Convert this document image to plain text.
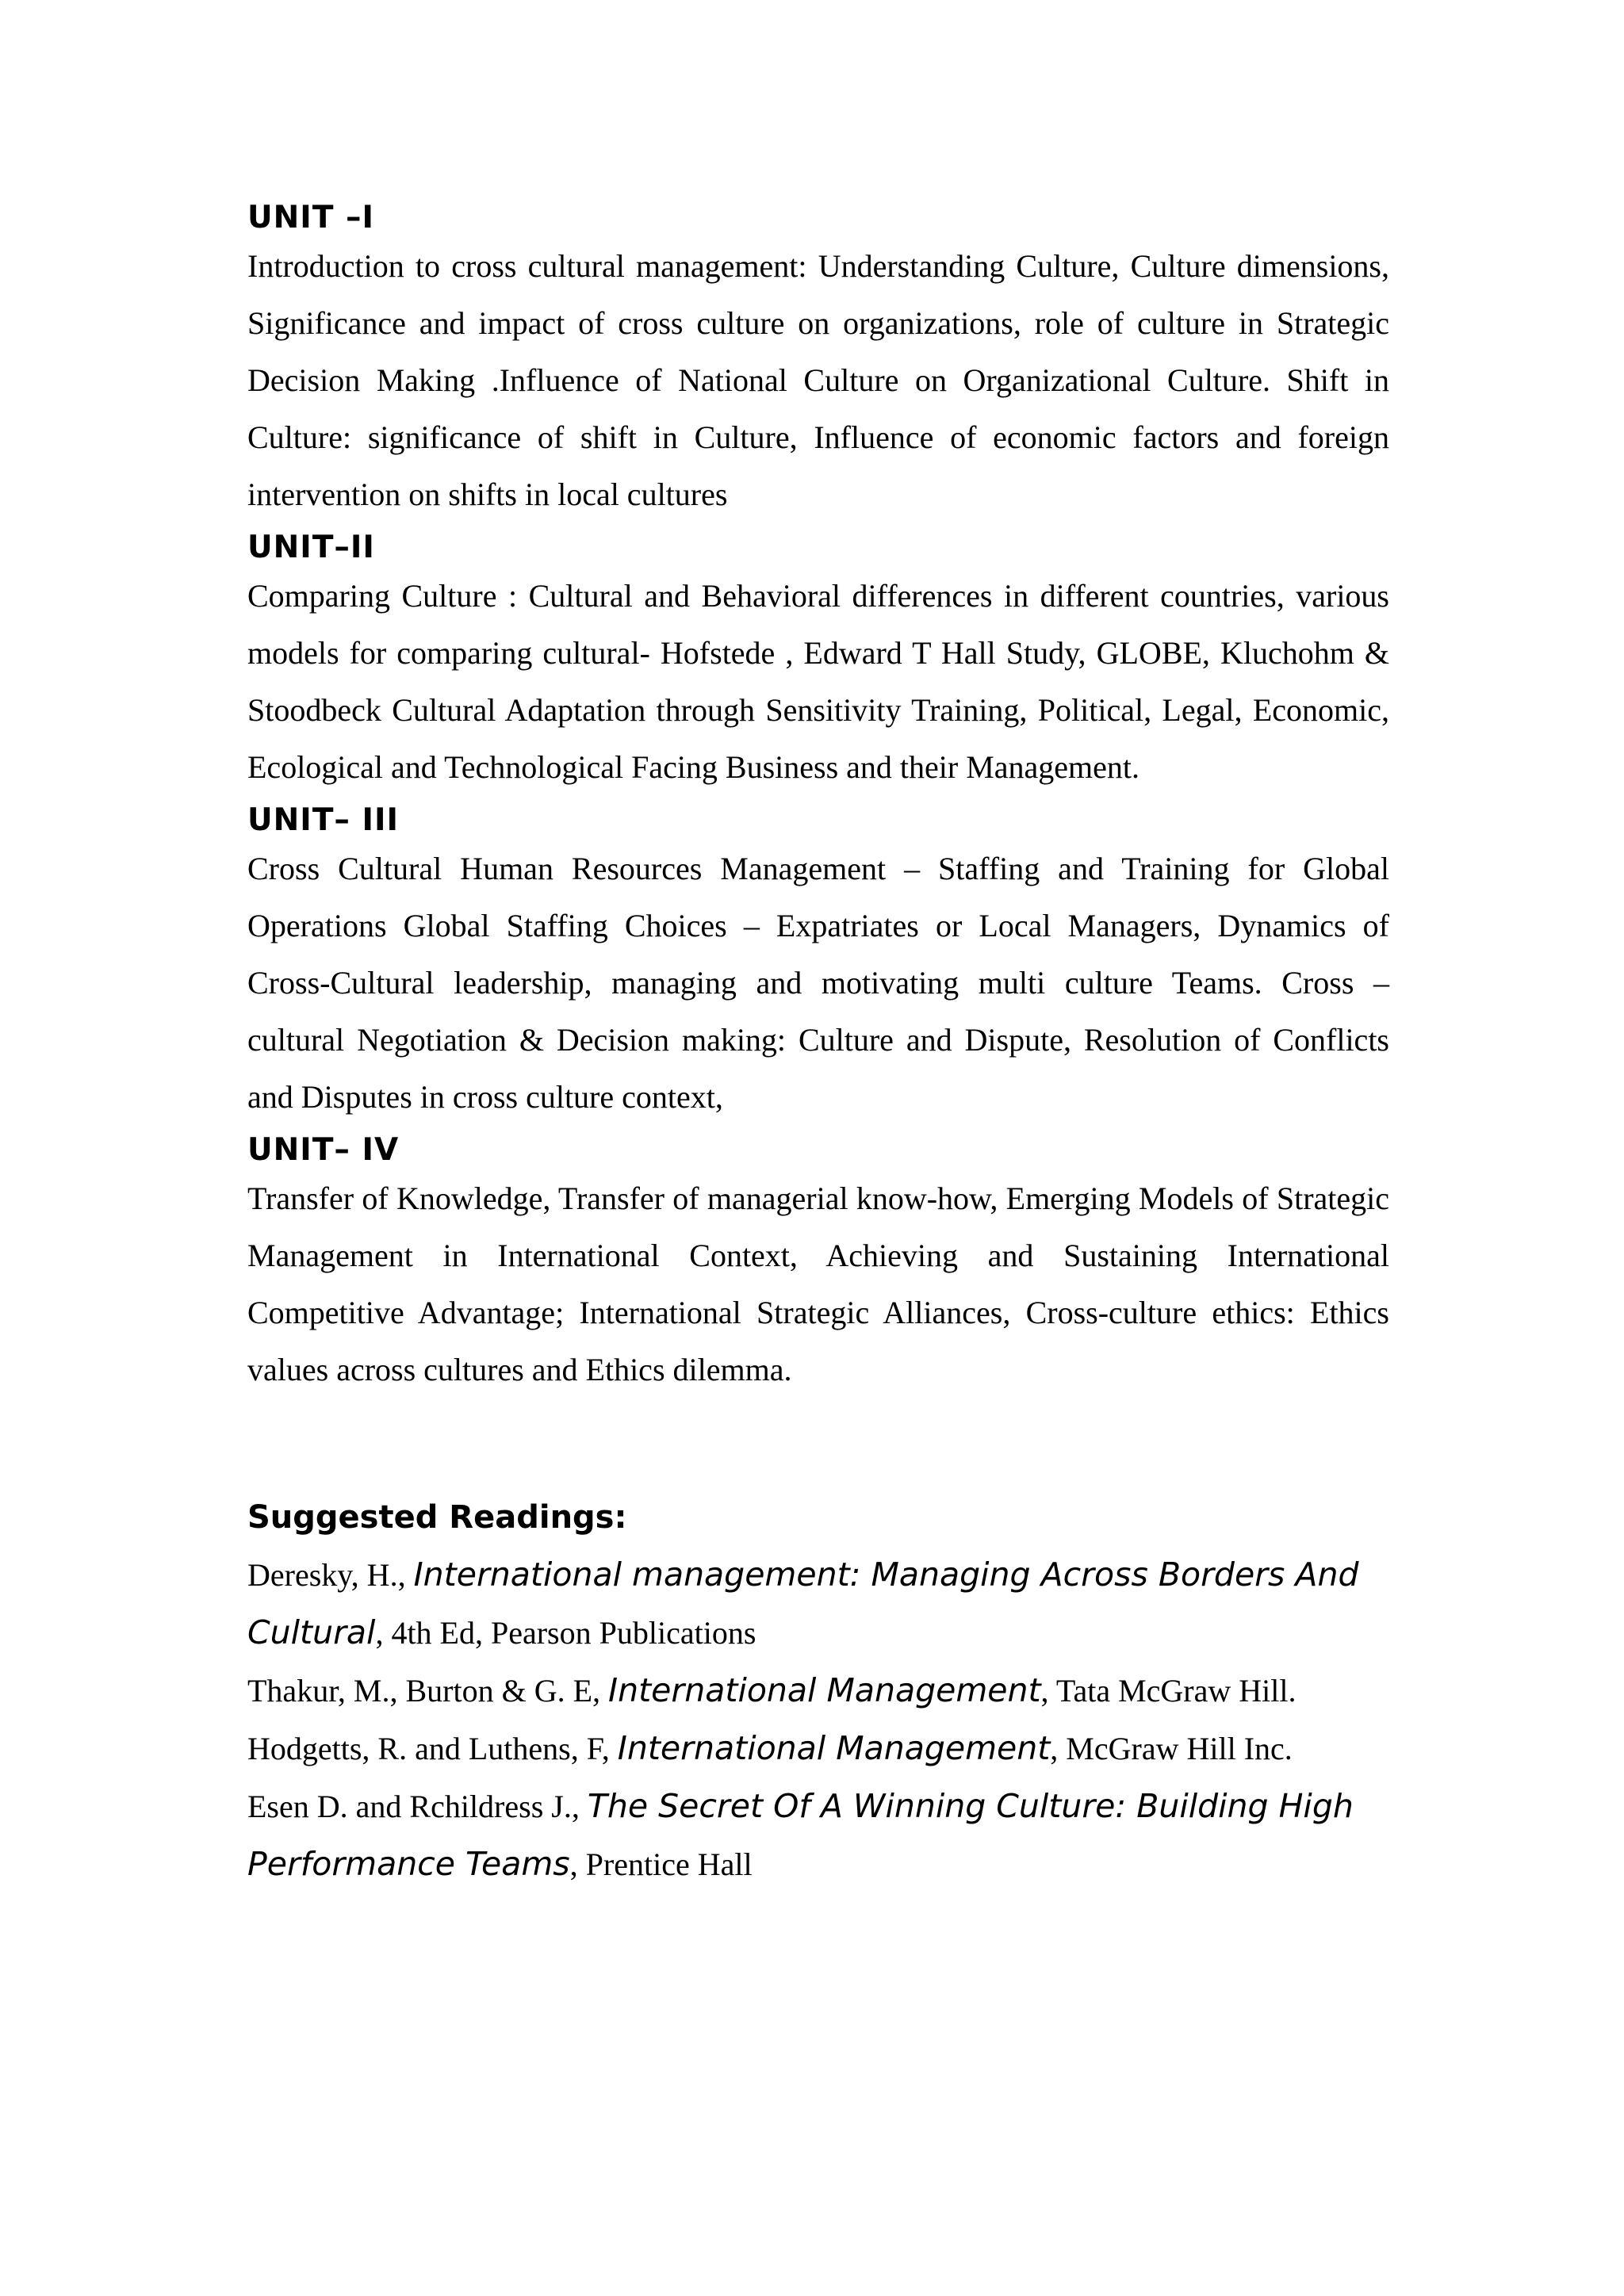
UNIT –I

Introduction to cross cultural management: Understanding Culture, Culture dimensions, Significance and impact of cross culture on organizations, role of culture in Strategic Decision Making .Influence of National Culture on Organizational Culture. Shift in Culture: significance of shift in Culture, Influence of economic factors and foreign intervention on shifts in local cultures

UNIT–II

Comparing Culture : Cultural and Behavioral differences in different countries, various models for comparing cultural- Hofstede , Edward T Hall Study, GLOBE, Kluchohm & Stoodbeck Cultural Adaptation through Sensitivity Training, Political, Legal, Economic, Ecological and Technological Facing Business and their Management.

UNIT– III

Cross Cultural Human Resources Management – Staffing and Training for Global Operations Global Staffing Choices – Expatriates or Local Managers, Dynamics of Cross-Cultural leadership, managing and motivating multi culture Teams. Cross – cultural Negotiation & Decision making: Culture and Dispute, Resolution of Conflicts and Disputes in cross culture context,

UNIT– IV

Transfer of Knowledge, Transfer of managerial know-how, Emerging Models of Strategic Management in International Context, Achieving and Sustaining International Competitive Advantage; International Strategic Alliances, Cross-culture ethics: Ethics values across cultures and Ethics dilemma.

Suggested Readings:

Deresky, H., International management: Managing Across Borders And Cultural, 4th Ed, Pearson Publications

Thakur, M., Burton & G. E, International Management, Tata McGraw Hill.

Hodgetts, R. and Luthens, F, International Management, McGraw Hill Inc.

Esen D. and Rchildress J., The Secret Of A Winning Culture: Building High Performance Teams, Prentice Hall
